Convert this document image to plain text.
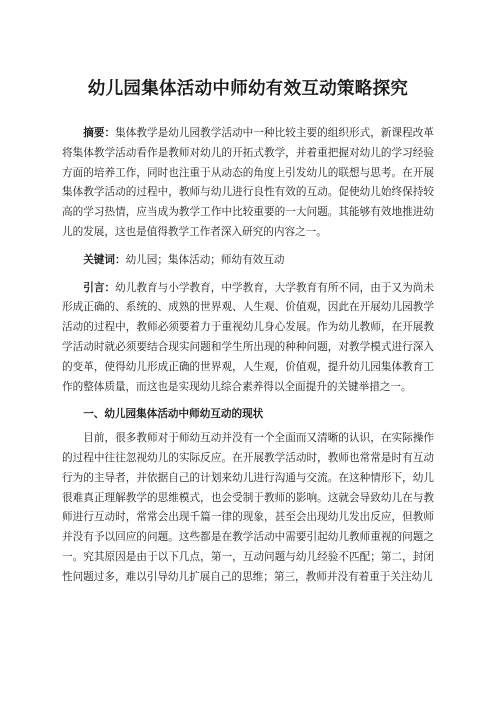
幼儿园集体活动中师幼有效互动策略探究

摘要：集体教学是幼儿园教学活动中一种比较主要的组织形式，新课程改革将集体教学活动看作是教师对幼儿的开拓式教学，并着重把握对幼儿的学习经验方面的培养工作，同时也注重于从动态的角度上引发幼儿的联想与思考。在开展集体教学活动的过程中，教师与幼儿进行良性有效的互动。促使幼儿始终保持较高的学习热情，应当成为教学工作中比较重要的一大问题。其能够有效地推进幼儿的发展，这也是值得教学工作者深入研究的内容之一。

关键词：幼儿园；集体活动；师幼有效互动

引言：幼儿教育与小学教育，中学教育，大学教育有所不同，由于又为尚未形成正确的、系统的、成熟的世界观、人生观、价值观，因此在开展幼儿园教学活动的过程中，教师必须要着力于重视幼儿身心发展。作为幼儿教师，在开展教学活动时就必须要结合现实问题和学生所出现的种种问题，对教学模式进行深入的变革，使得幼儿形成正确的世界观，人生观，价值观，提升幼儿园集体教育工作的整体质量，而这也是实现幼儿综合素养得以全面提升的关键举措之一。

一、幼儿园集体活动中师幼互动的现状

目前，很多教师对于师幼互动并没有一个全面而又清晰的认识，在实际操作的过程中往往忽视幼儿的实际反应。在开展教学活动时，教师也常常是时有互动行为的主导者，并依据自己的计划来幼儿进行沟通与交流。在这种情形下，幼儿很难真正理解教学的思维模式，也会受制于教师的影响。这就会导致幼儿在与教师进行互动时，常常会出现千篇一律的现象，甚至会出现幼儿发出反应，但教师并没有予以回应的问题。这些都是在教学活动中需要引起幼儿教师重视的问题之一。究其原因是由于以下几点，第一，互动问题与幼儿经验不匹配；第二，封闭性问题过多，难以引导幼儿扩展自己的思维；第三，教师并没有着重于关注幼儿
